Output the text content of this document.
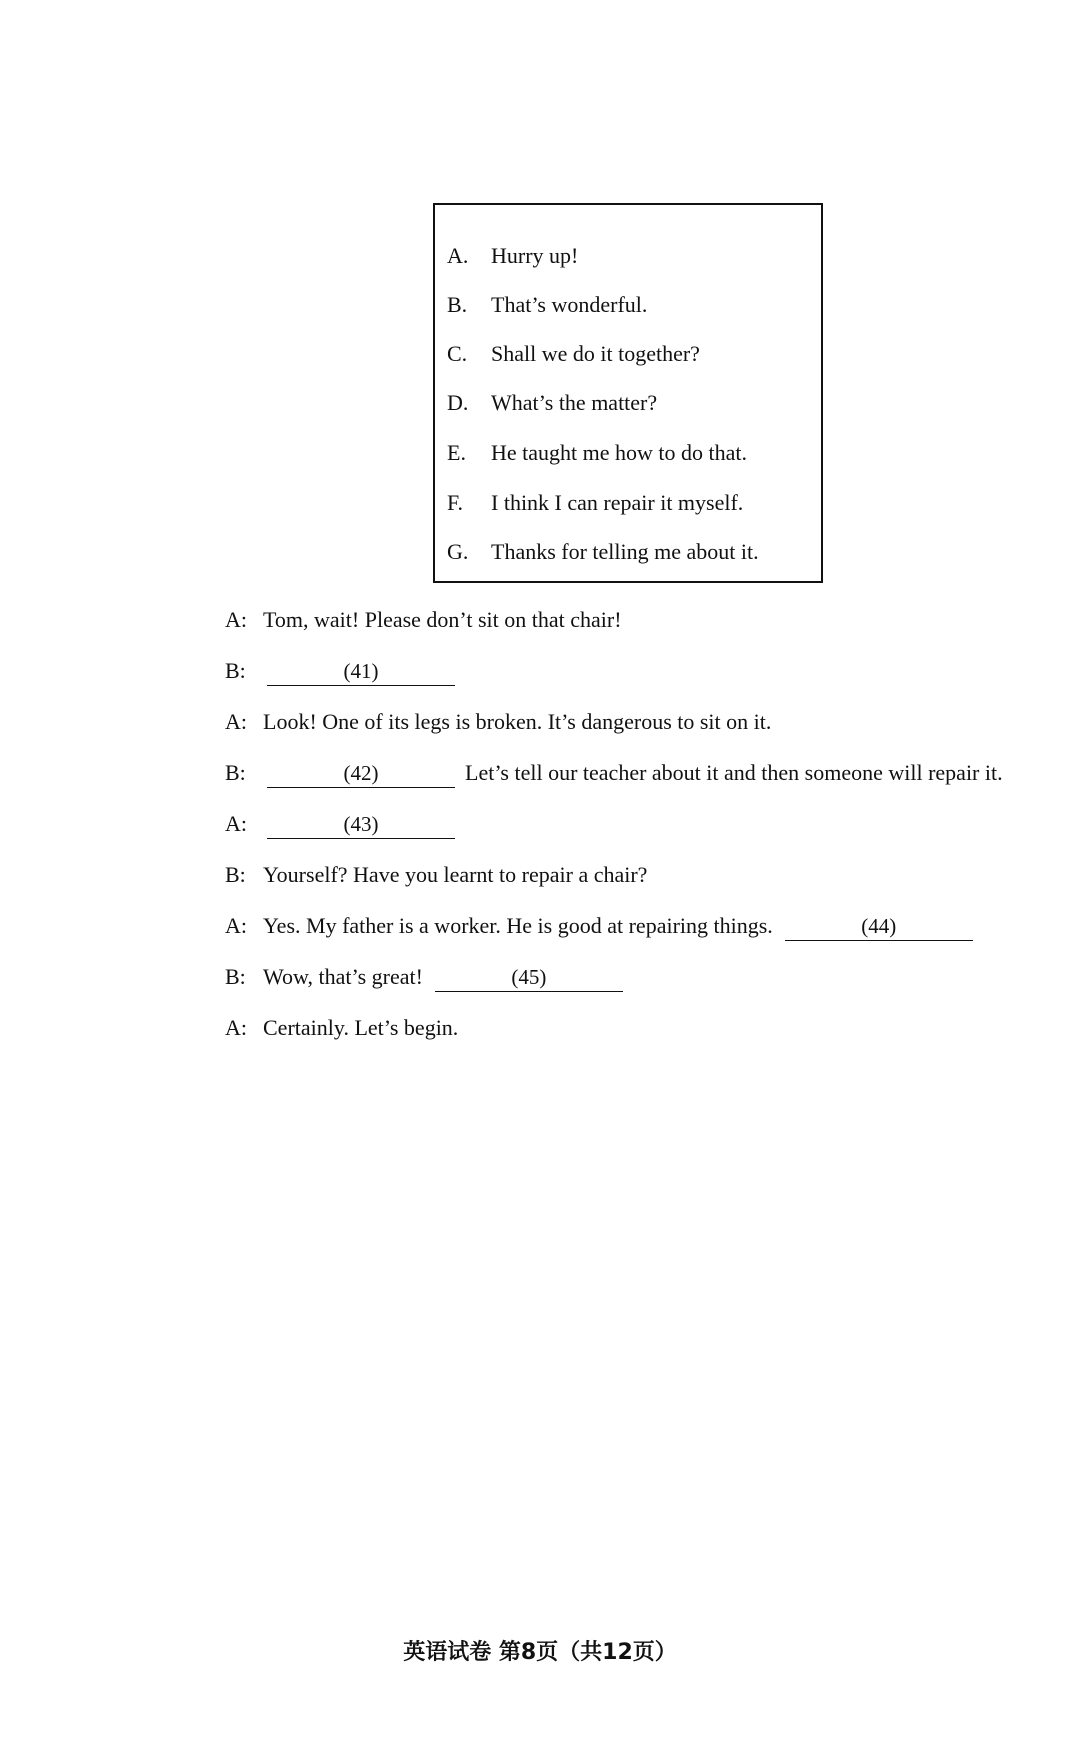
A. Hurry up!
B. That’s wonderful.
C. Shall we do it together?
D. What’s the matter?
E. He taught me how to do that.
F. I think I can repair it myself.
G. Thanks for telling me about it.
A: Tom, wait! Please don’t sit on that chair!
B:	(41)
A: Look! One of its legs is broken. It’s dangerous to sit on it.
B:	(42)	Let’s tell our teacher about it and then someone will repair it.
A:	(43)
B: Yourself? Have you learnt to repair a chair?
A: Yes. My father is a worker. He is good at repairing things.	(44)
B: Wow, that’s great!	(45)
A: Certainly. Let’s begin.
英语试卷 第8页（共12页）
